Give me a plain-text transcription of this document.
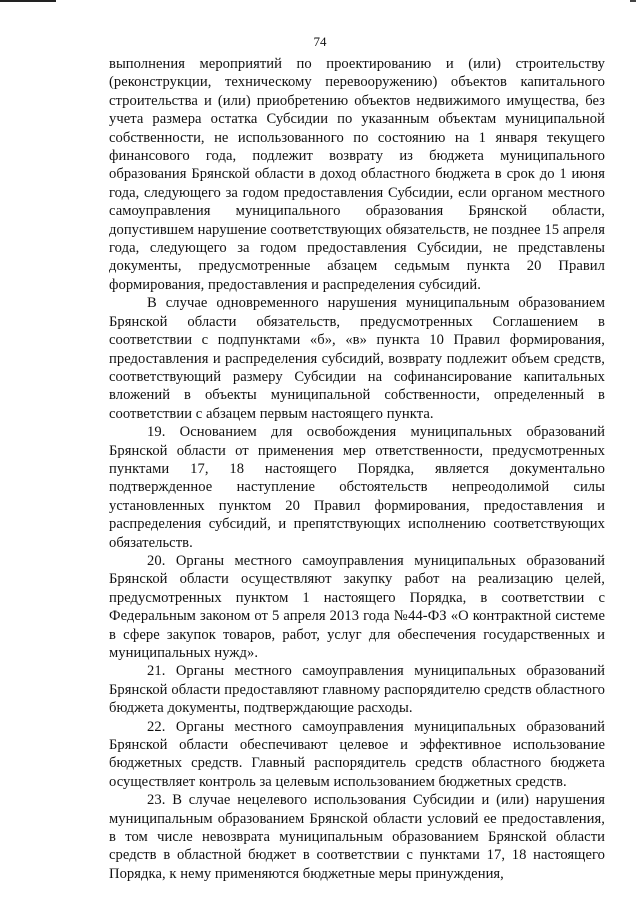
74

выполнения мероприятий по проектированию и (или) строительству (реконструкции, техническому перевооружению) объектов капитального строительства и (или) приобретению объектов недвижимого имущества, без учета размера остатка Субсидии по указанным объектам муниципальной собственности, не использованного по состоянию на 1 января текущего финансового года, подлежит возврату из бюджета муниципального образования Брянской области в доход областного бюджета в срок до 1 июня года, следующего за годом предоставления Субсидии, если органом местного самоуправления муниципального образования Брянской области, допустившем нарушение соответствующих обязательств, не позднее 15 апреля года, следующего за годом предоставления Субсидии, не представлены документы, предусмотренные абзацем седьмым пункта 20 Правил формирования, предоставления и распределения субсидий.

В случае одновременного нарушения муниципальным образованием Брянской области обязательств, предусмотренных Соглашением в соответствии с подпунктами «б», «в» пункта 10 Правил формирования, предоставления и распределения субсидий, возврату подлежит объем средств, соответствующий размеру Субсидии на софинансирование капитальных вложений в объекты муниципальной собственности, определенный в соответствии с абзацем первым настоящего пункта.

19. Основанием для освобождения муниципальных образований Брянской области от применения мер ответственности, предусмотренных пунктами 17, 18 настоящего Порядка, является документально подтвержденное наступление обстоятельств непреодолимой силы установленных пунктом 20 Правил формирования, предоставления и распределения субсидий, и препятствующих исполнению соответствующих обязательств.

20. Органы местного самоуправления муниципальных образований Брянской области осуществляют закупку работ на реализацию целей, предусмотренных пунктом 1 настоящего Порядка, в соответствии с Федеральным законом от 5 апреля 2013 года №44-ФЗ «О контрактной системе в сфере закупок товаров, работ, услуг для обеспечения государственных и муниципальных нужд».

21. Органы местного самоуправления муниципальных образований Брянской области предоставляют главному распорядителю средств областного бюджета документы, подтверждающие расходы.

22. Органы местного самоуправления муниципальных образований Брянской области обеспечивают целевое и эффективное использование бюджетных средств. Главный распорядитель средств областного бюджета осуществляет контроль за целевым использованием бюджетных средств.

23. В случае нецелевого использования Субсидии и (или) нарушения муниципальным образованием Брянской области условий ее предоставления, в том числе невозврата муниципальным образованием Брянской области средств в областной бюджет в соответствии с пунктами 17, 18 настоящего Порядка, к нему применяются бюджетные меры принуждения,
